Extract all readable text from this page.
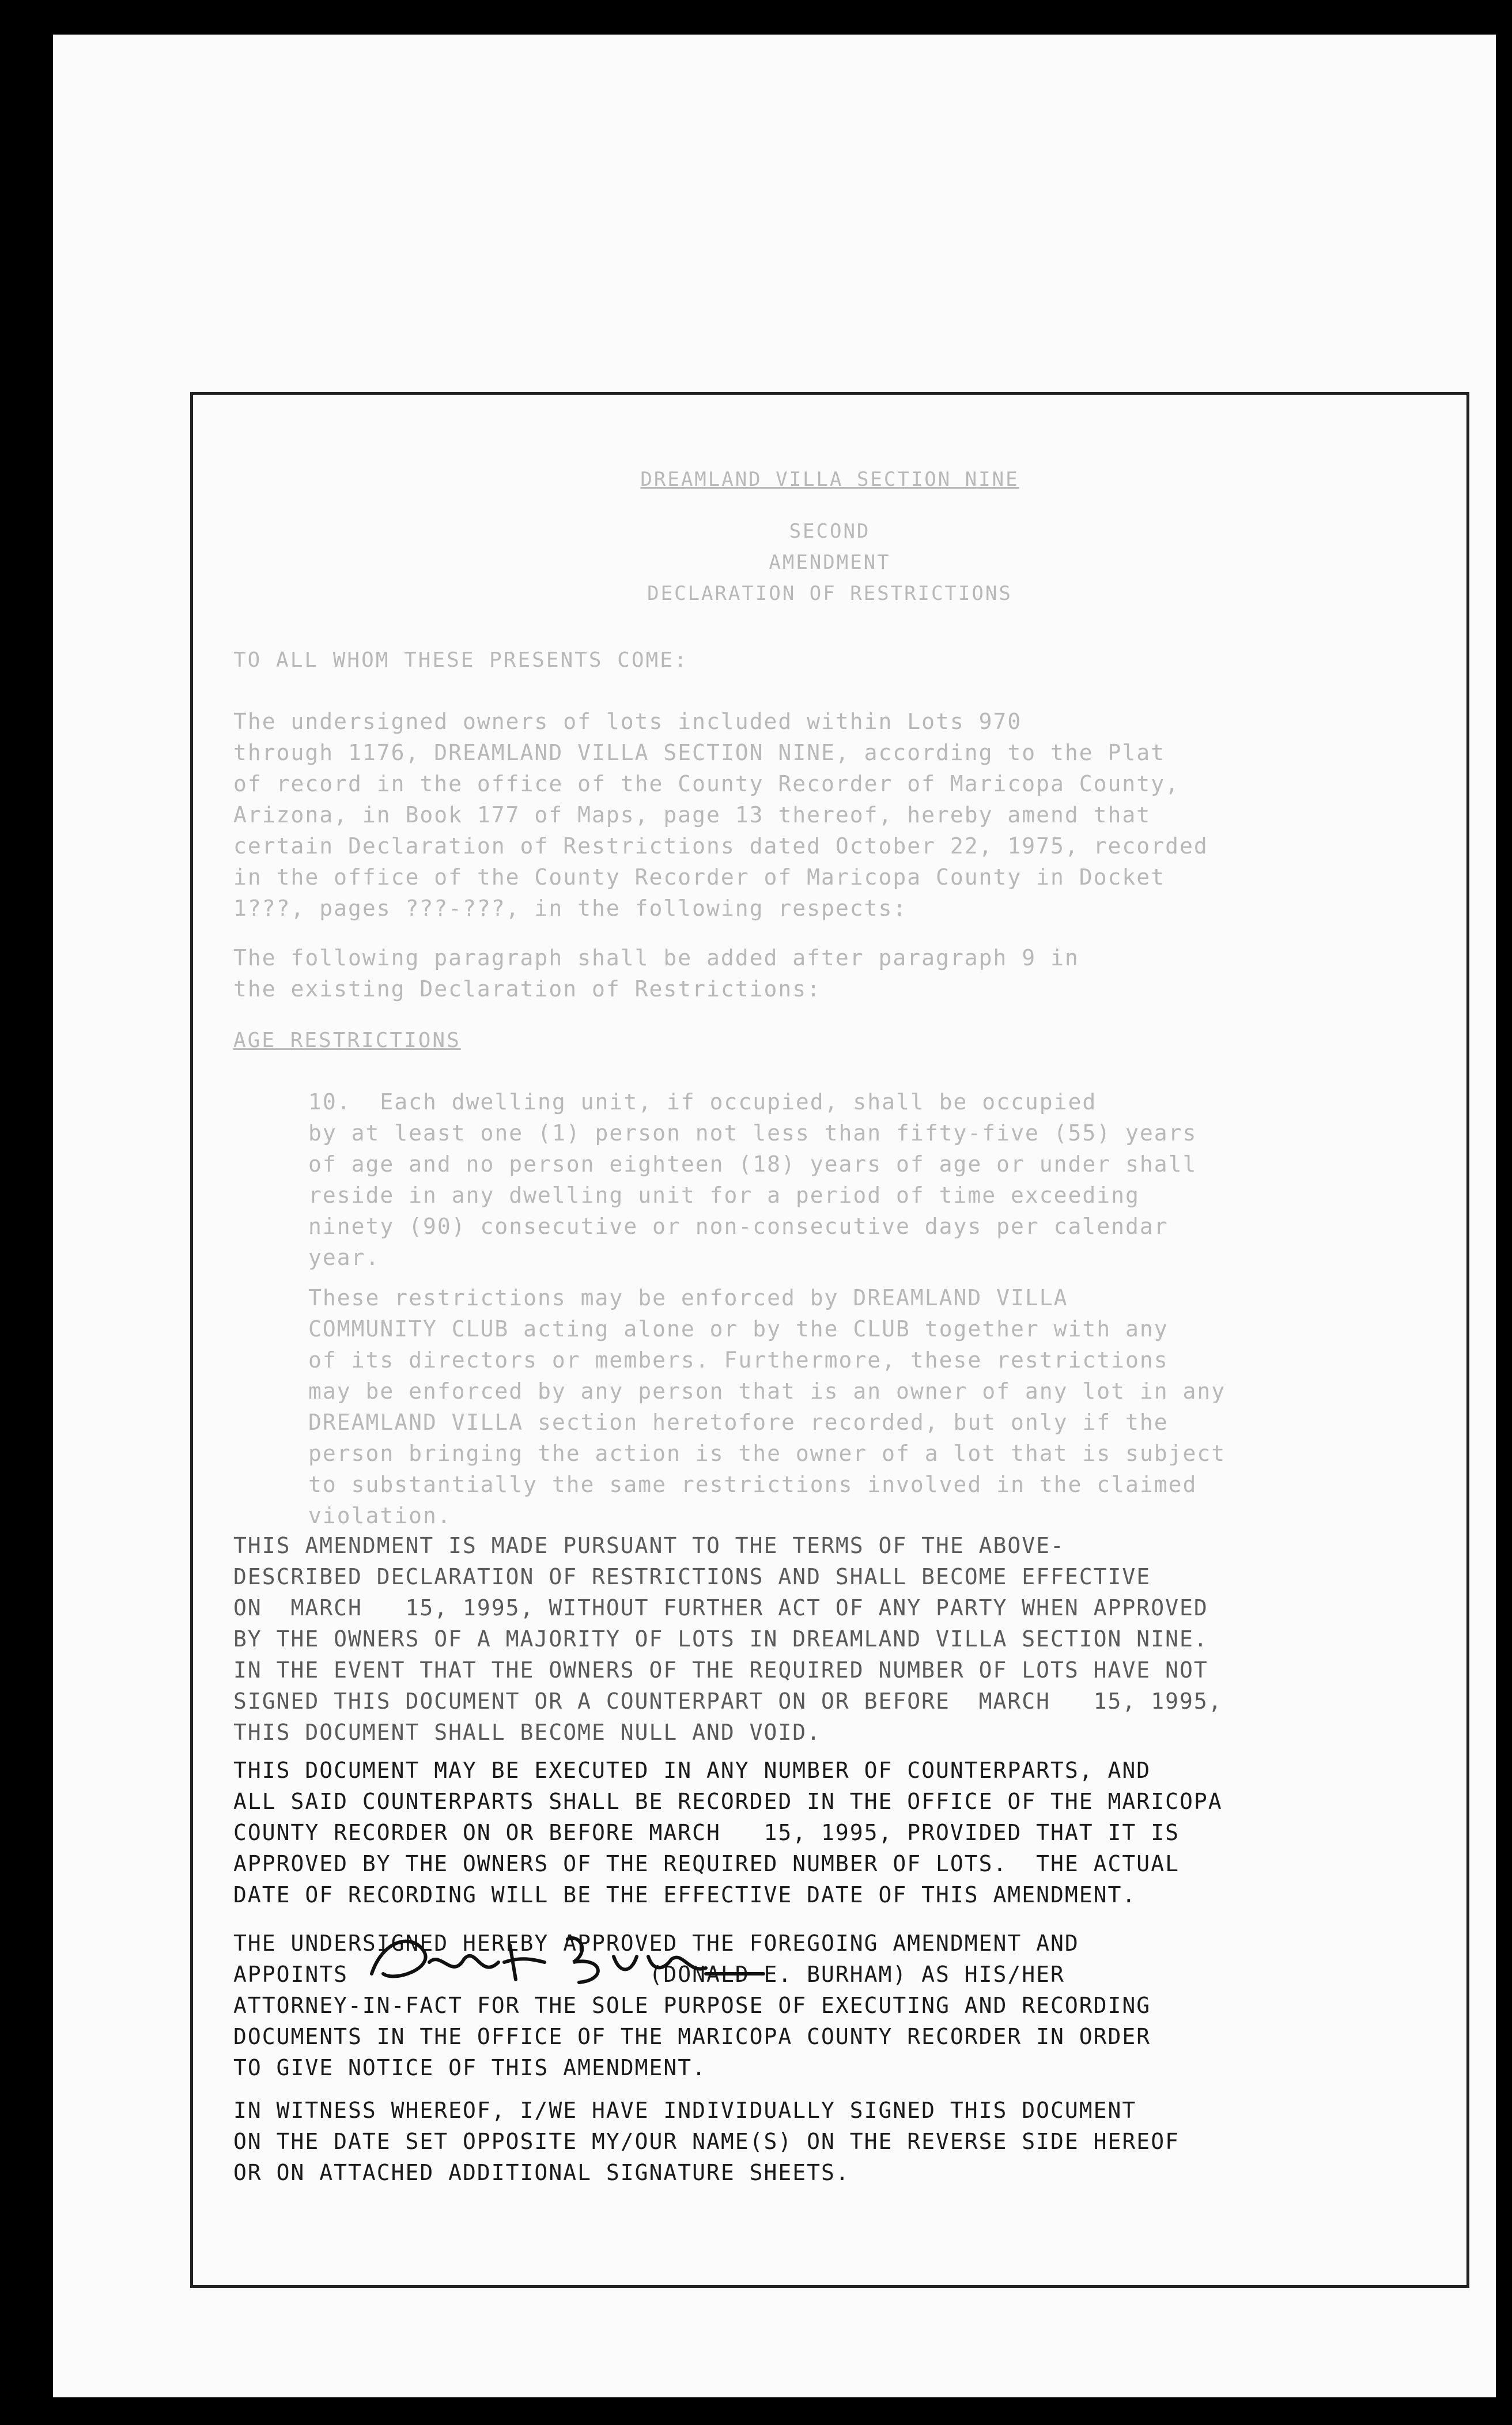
DREAMLAND VILLA SECTION NINE
SECOND
AMENDMENT
DECLARATION OF RESTRICTIONS
TO ALL WHOM THESE PRESENTS COME:
The undersigned owners of lots included within Lots 970
through 1176, DREAMLAND VILLA SECTION NINE, according to the Plat
of record in the office of the County Recorder of Maricopa County,
Arizona, in Book 177 of Maps, page 13 thereof, hereby amend that
certain Declaration of Restrictions dated October 22, 1975, recorded
in the office of the County Recorder of Maricopa County in Docket
1???, pages ???-???, in the following respects:
The following paragraph shall be added after paragraph 9 in
the existing Declaration of Restrictions:
AGE RESTRICTIONS
10.  Each dwelling unit, if occupied, shall be occupied
by at least one (1) person not less than fifty-five (55) years
of age and no person eighteen (18) years of age or under shall
reside in any dwelling unit for a period of time exceeding
ninety (90) consecutive or non-consecutive days per calendar
year.
These restrictions may be enforced by DREAMLAND VILLA
COMMUNITY CLUB acting alone or by the CLUB together with any
of its directors or members. Furthermore, these restrictions
may be enforced by any person that is an owner of any lot in any
DREAMLAND VILLA section heretofore recorded, but only if the
person bringing the action is the owner of a lot that is subject
to substantially the same restrictions involved in the claimed
violation.
THIS AMENDMENT IS MADE PURSUANT TO THE TERMS OF THE ABOVE-
DESCRIBED DECLARATION OF RESTRICTIONS AND SHALL BECOME EFFECTIVE
ON  MARCH   15, 1995, WITHOUT FURTHER ACT OF ANY PARTY WHEN APPROVED
BY THE OWNERS OF A MAJORITY OF LOTS IN DREAMLAND VILLA SECTION NINE.
IN THE EVENT THAT THE OWNERS OF THE REQUIRED NUMBER OF LOTS HAVE NOT
SIGNED THIS DOCUMENT OR A COUNTERPART ON OR BEFORE  MARCH   15, 1995,
THIS DOCUMENT SHALL BECOME NULL AND VOID.
THIS DOCUMENT MAY BE EXECUTED IN ANY NUMBER OF COUNTERPARTS, AND
ALL SAID COUNTERPARTS SHALL BE RECORDED IN THE OFFICE OF THE MARICOPA
COUNTY RECORDER ON OR BEFORE MARCH   15, 1995, PROVIDED THAT IT IS
APPROVED BY THE OWNERS OF THE REQUIRED NUMBER OF LOTS.  THE ACTUAL
DATE OF RECORDING WILL BE THE EFFECTIVE DATE OF THIS AMENDMENT.
THE UNDERSIGNED HEREBY APPROVED THE FOREGOING AMENDMENT AND
APPOINTS                     (DONALD E. BURHAM) AS HIS/HER
ATTORNEY-IN-FACT FOR THE SOLE PURPOSE OF EXECUTING AND RECORDING
DOCUMENTS IN THE OFFICE OF THE MARICOPA COUNTY RECORDER IN ORDER
TO GIVE NOTICE OF THIS AMENDMENT.
IN WITNESS WHEREOF, I/WE HAVE INDIVIDUALLY SIGNED THIS DOCUMENT
ON THE DATE SET OPPOSITE MY/OUR NAME(S) ON THE REVERSE SIDE HEREOF
OR ON ATTACHED ADDITIONAL SIGNATURE SHEETS.
